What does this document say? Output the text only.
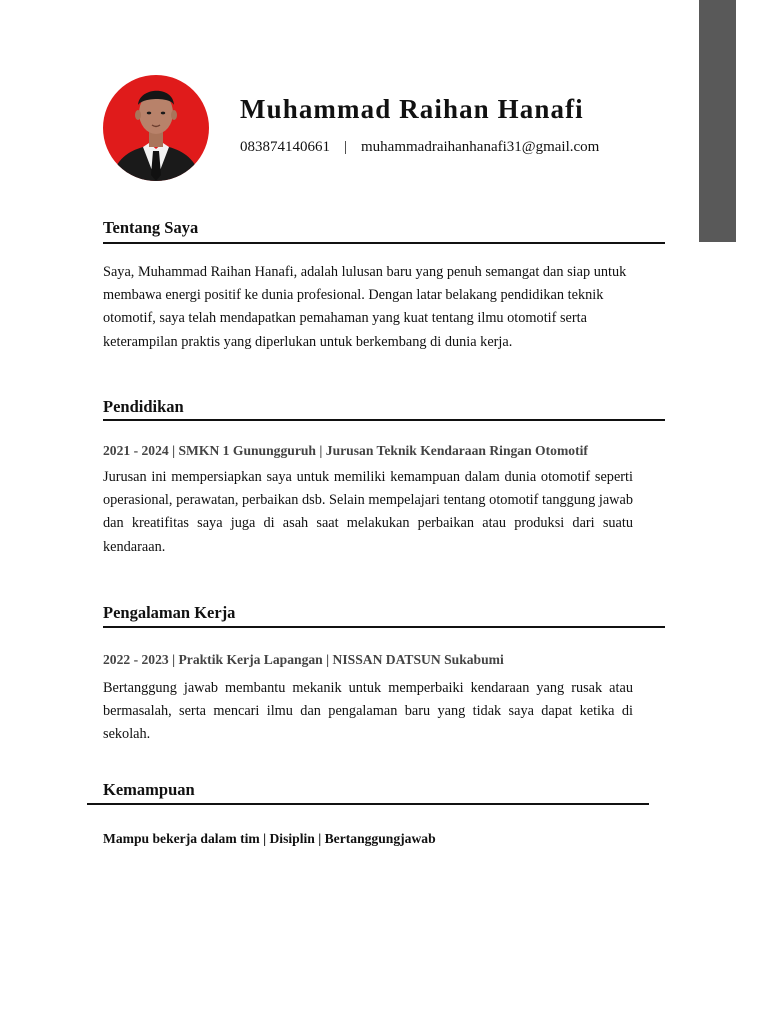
Muhammad Raihan Hanafi
083874140661 | muhammadraihanhanafi31@gmail.com
Tentang Saya
Saya, Muhammad Raihan Hanafi, adalah lulusan baru yang penuh semangat dan siap untuk membawa energi positif ke dunia profesional. Dengan latar belakang pendidikan teknik otomotif, saya telah mendapatkan pemahaman yang kuat tentang ilmu otomotif serta keterampilan praktis yang diperlukan untuk berkembang di dunia kerja.
Pendidikan
2021 - 2024 | SMKN 1 Gunungguruh | Jurusan Teknik Kendaraan Ringan Otomotif
Jurusan ini mempersiapkan saya untuk memiliki kemampuan dalam dunia otomotif seperti operasional, perawatan, perbaikan dsb. Selain mempelajari tentang otomotif tanggung jawab dan kreatifitas saya juga di asah saat melakukan perbaikan atau produksi dari suatu kendaraan.
Pengalaman Kerja
2022 - 2023 | Praktik Kerja Lapangan | NISSAN DATSUN Sukabumi
Bertanggung jawab membantu mekanik untuk memperbaiki kendaraan yang rusak atau bermasalah, serta mencari ilmu dan pengalaman baru yang tidak saya dapat ketika di sekolah.
Kemampuan
Mampu bekerja dalam tim | Disiplin | Bertanggungjawab
